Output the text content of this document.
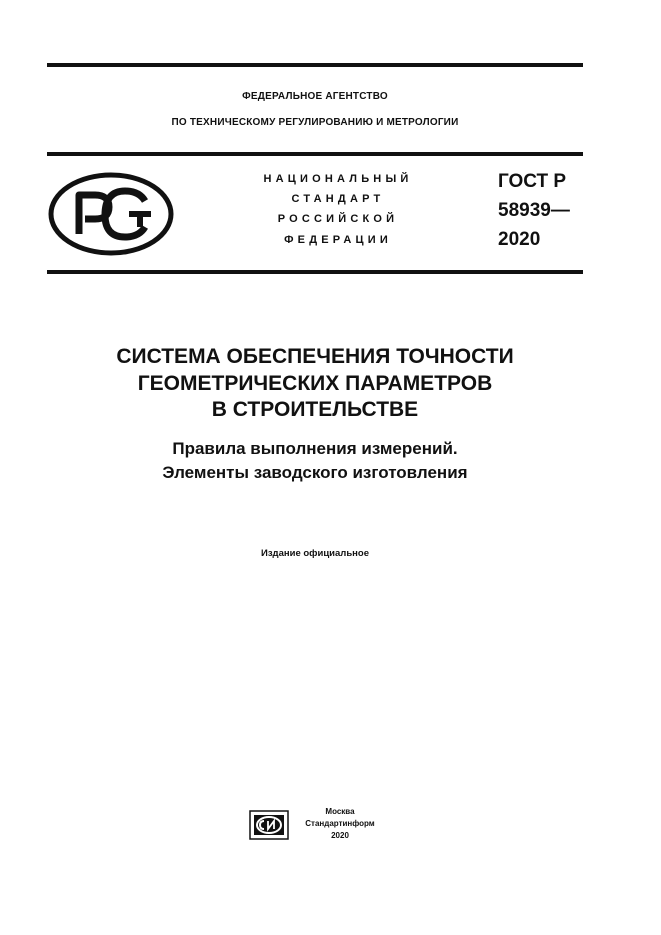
ФЕДЕРАЛЬНОЕ АГЕНТСТВО
ПО ТЕХНИЧЕСКОМУ РЕГУЛИРОВАНИЮ И МЕТРОЛОГИИ
НАЦИОНАЛЬНЫЙ
СТАНДАРТ
РОССИЙСКОЙ
ФЕДЕРАЦИИ
ГОСТ Р
58939—
2020
СИСТЕМА ОБЕСПЕЧЕНИЯ ТОЧНОСТИ
ГЕОМЕТРИЧЕСКИХ ПАРАМЕТРОВ
В СТРОИТЕЛЬСТВЕ
Правила выполнения измерений.
Элементы заводского изготовления
Издание официальное
Москва
Стандартинформ
2020
